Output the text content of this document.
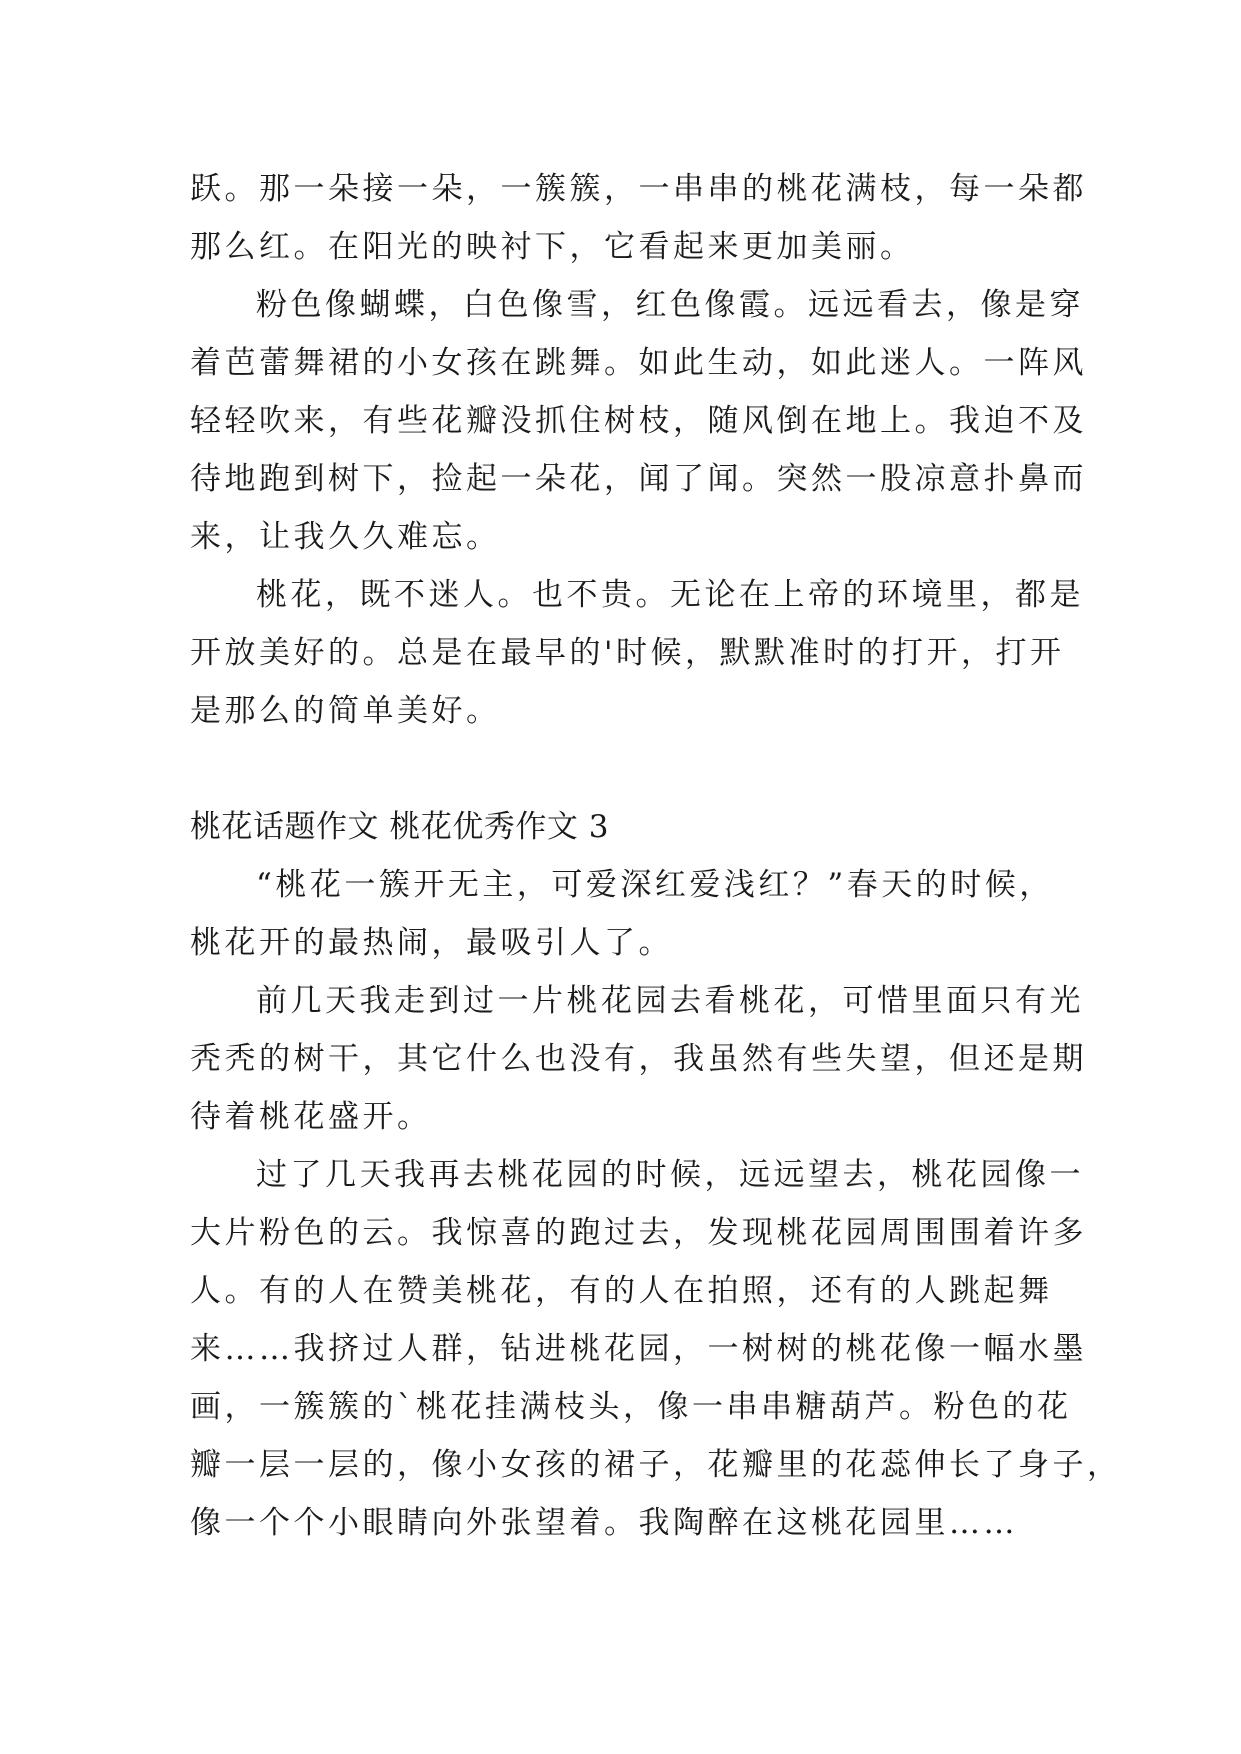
跃。那一朵接一朵，一簇簇，一串串的桃花满枝，每一朵都
那么红。在阳光的映衬下，它看起来更加美丽。
粉色像蝴蝶，白色像雪，红色像霞。远远看去，像是穿
着芭蕾舞裙的小女孩在跳舞。如此生动，如此迷人。一阵风
轻轻吹来，有些花瓣没抓住树枝，随风倒在地上。我迫不及
待地跑到树下，捡起一朵花，闻了闻。突然一股凉意扑鼻而
来，让我久久难忘。
桃花，既不迷人。也不贵。无论在上帝的环境里，都是
开放美好的。总是在最早的'时候，默默准时的打开，打开
是那么的简单美好。
桃花话题作文 桃花优秀作文 3
“桃花一簇开无主，可爱深红爱浅红？”春天的时候，
桃花开的最热闹，最吸引人了。
前几天我走到过一片桃花园去看桃花，可惜里面只有光
秃秃的树干，其它什么也没有，我虽然有些失望，但还是期
待着桃花盛开。
过了几天我再去桃花园的时候，远远望去，桃花园像一
大片粉色的云。我惊喜的跑过去，发现桃花园周围围着许多
人。有的人在赞美桃花，有的人在拍照，还有的人跳起舞
来……我挤过人群，钻进桃花园，一树树的桃花像一幅水墨
画，一簇簇的`桃花挂满枝头，像一串串糖葫芦。粉色的花
瓣一层一层的，像小女孩的裙子，花瓣里的花蕊伸长了身子，
像一个个小眼睛向外张望着。我陶醉在这桃花园里……
